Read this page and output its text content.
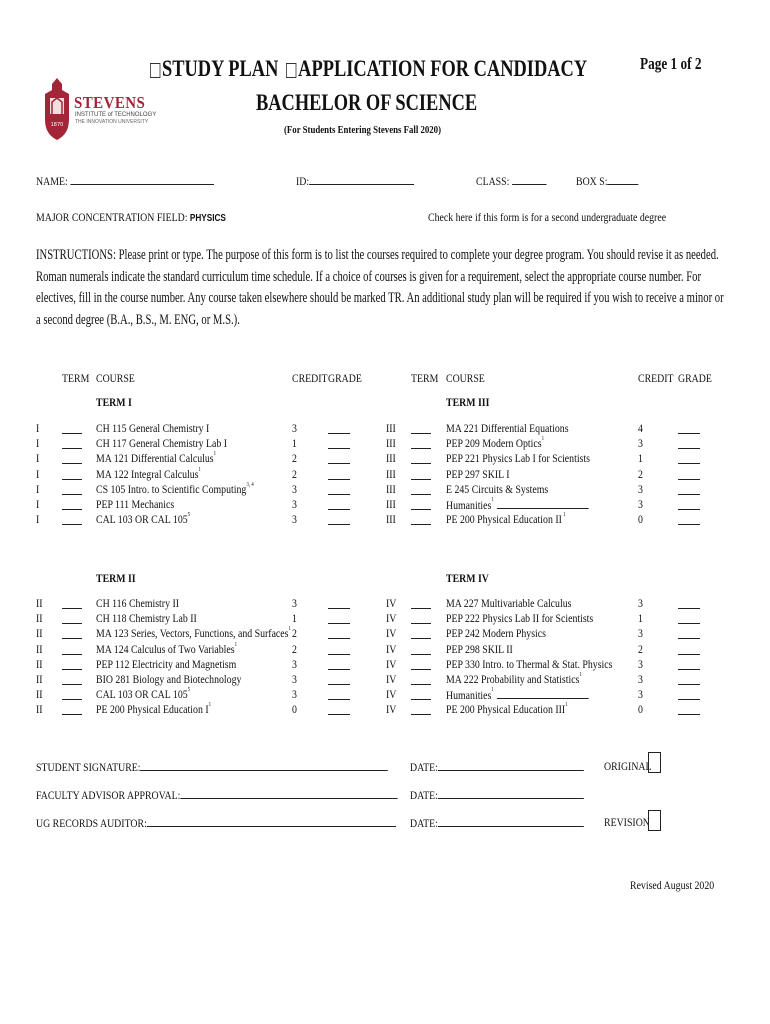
STUDY PLAN APPLICATION FOR CANDIDACY
BACHELOR OF SCIENCE
(For Students Entering Stevens Fall 2020)
Page 1 of 2
1870
STEVENS
INSTITUTE of TECHNOLOGY
THE INNOVATION UNIVERSITY
NAME:	ID:	CLASS:	BOX S:
MAJOR CONCENTRATION FIELD: PHYSICS	Check here if this form is for a second undergraduate degree
INSTRUCTIONS: Please print or type. The purpose of this form is to list the courses required to complete your degree program. You should revise it as needed.
Roman numerals indicate the standard curriculum time schedule. If a choice of courses is given for a requirement, select the appropriate course number. For
electives, fill in the course number. Any course taken elsewhere should be marked TR. An additional study plan will be required if you wish to receive a minor or
a second degree (B.A., B.S., M. ENG, or M.S.).
TERM COURSE	CREDIT GRADE	TERM COURSE	CREDIT GRADE
TERM I
I	CH 115 General Chemistry I	3
I	CH 117 General Chemistry Lab I	1
I	MA 121 Differential Calculus$^1$	2
I	MA 122 Integral Calculus$^1$	2
I	CS 105 Intro. to Scientific Computing$^{3, 4}$	3
I	PEP 111 Mechanics	3
I	CAL 103 OR CAL $105^5$	3
TERM II
II	CH 116 Chemistry II	3
II	CH 118 Chemistry Lab II	1
II	MA 123 Series, Vectors, Functions, and Surfaces$^1$ 2
II	MA 124 Calculus of Two Variables$^1$	2
II	PEP 112 Electricity and Magnetism	3
II	BIO 281 Biology and Biotechnology	3
II	CAL 103 OR CAL $105^5$	3
II	PE 200 Physical Education $I^1$	0
TERM III
III	MA 221 Differential Equations	4
III	PEP 209 Modern Optics$^1$	3
III	PEP 221 Physics Lab I for Scientists	1
III	PEP 297 SKIL I	2
III	E 245 Circuits & Systems	3
III	Humanities$^1$	3
III	PE 200 Physical Education II $^1$	0
TERM IV
IV	MA 227 Multivariable Calculus	3
IV	PEP 222 Physics Lab II for Scientists	1
IV	PEP 242 Modern Physics	3
IV	PEP 298 SKIL II	2
IV	PEP 330 Intro. to Thermal & Stat. Physics 3
IV	MA 222 Probability and Statistics$^1$	3
IV	Humanities$^1$	3
IV	PE 200 Physical Education III$^1$	0
STUDENT SIGNATURE:	DATE:	ORIGINAL
FACULTY ADVISOR APPROVAL:	DATE:
UG RECORDS AUDITOR:	DATE:	REVISION
Revised August 2020
